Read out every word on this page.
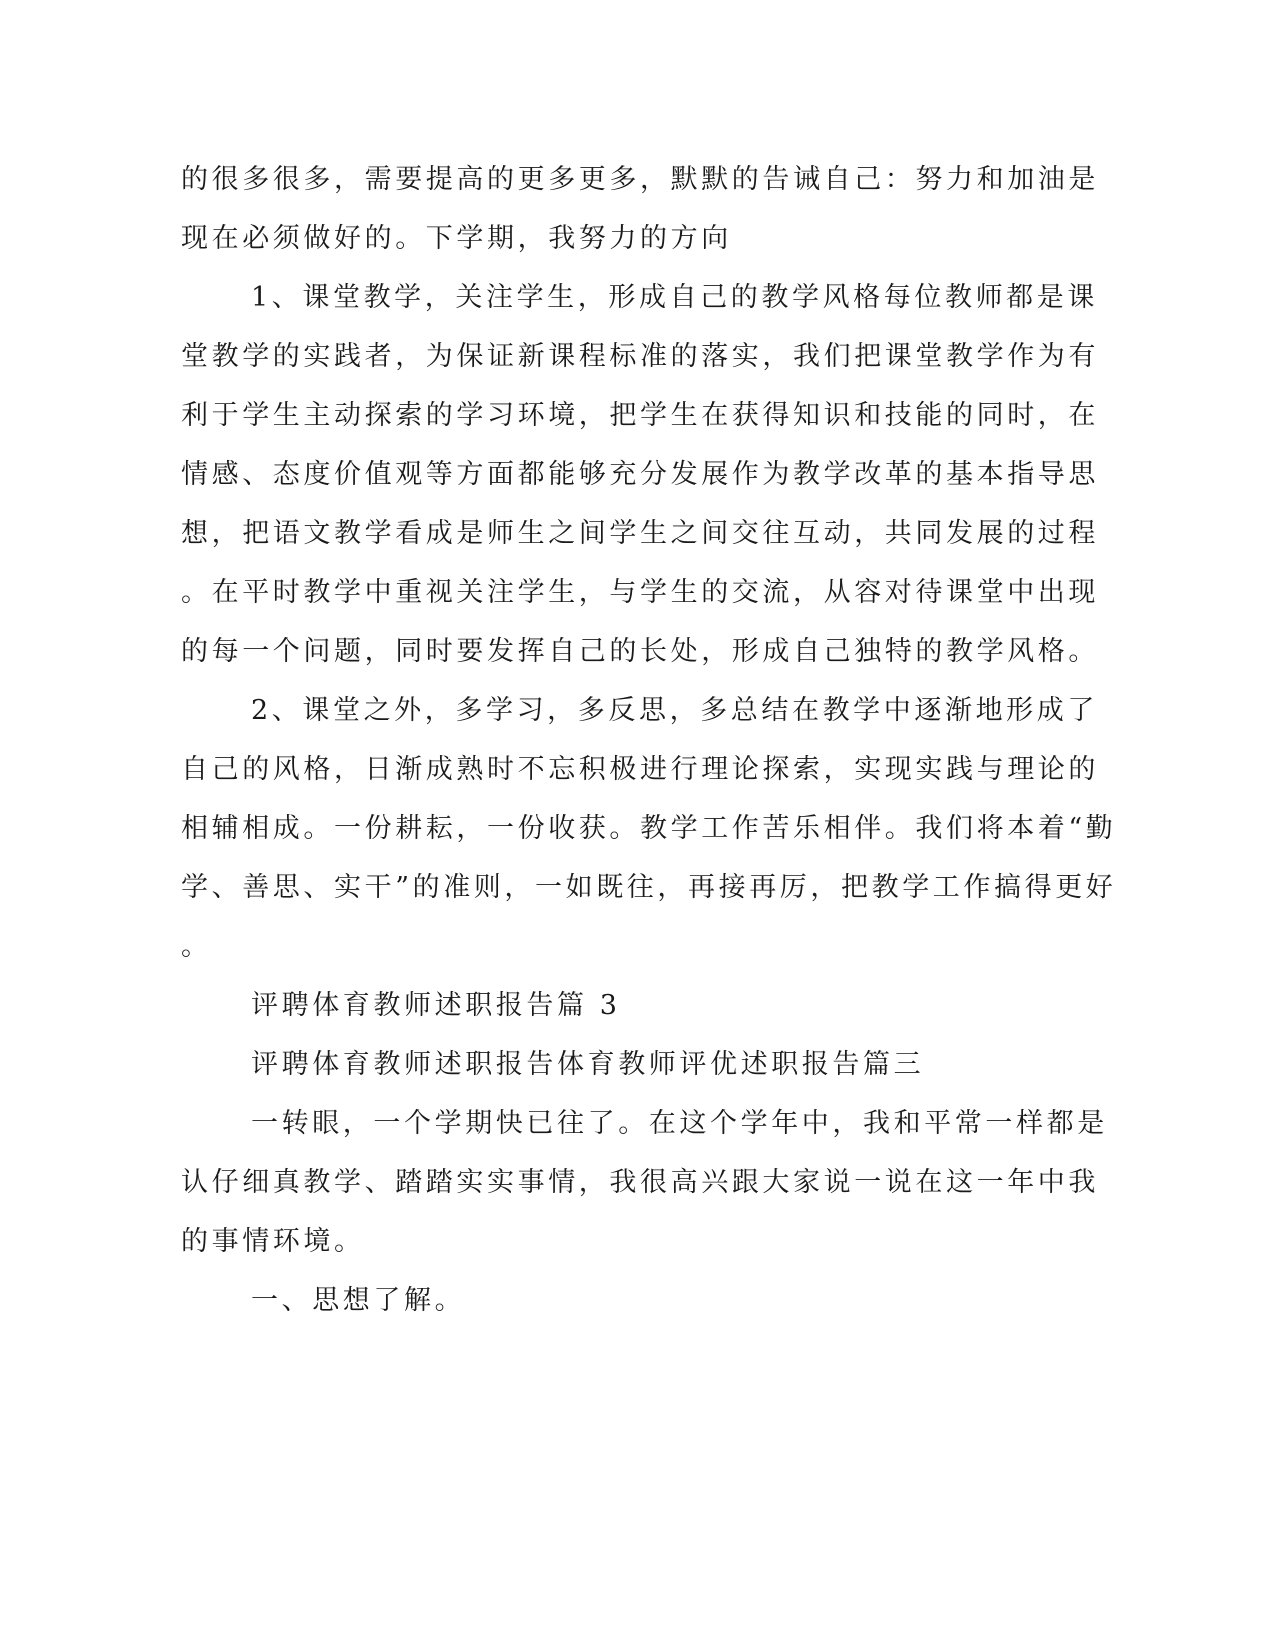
的很多很多，需要提高的更多更多，默默的告诫自己：努力和加油是
现在必须做好的。下学期，我努力的方向
1、课堂教学，关注学生，形成自己的教学风格每位教师都是课
堂教学的实践者，为保证新课程标准的落实，我们把课堂教学作为有
利于学生主动探索的学习环境，把学生在获得知识和技能的同时，在
情感、态度价值观等方面都能够充分发展作为教学改革的基本指导思
想，把语文教学看成是师生之间学生之间交往互动，共同发展的过程
。在平时教学中重视关注学生，与学生的交流，从容对待课堂中出现
的每一个问题，同时要发挥自己的长处，形成自己独特的教学风格。
2、课堂之外，多学习，多反思，多总结在教学中逐渐地形成了
自己的风格，日渐成熟时不忘积极进行理论探索，实现实践与理论的
相辅相成。一份耕耘，一份收获。教学工作苦乐相伴。我们将本着“勤
学、善思、实干”的准则，一如既往，再接再厉，把教学工作搞得更好
。
评聘体育教师述职报告篇 3
评聘体育教师述职报告体育教师评优述职报告篇三
一转眼，一个学期快已往了。在这个学年中，我和平常一样都是
认仔细真教学、踏踏实实事情，我很高兴跟大家说一说在这一年中我
的事情环境。
一、思想了解。
